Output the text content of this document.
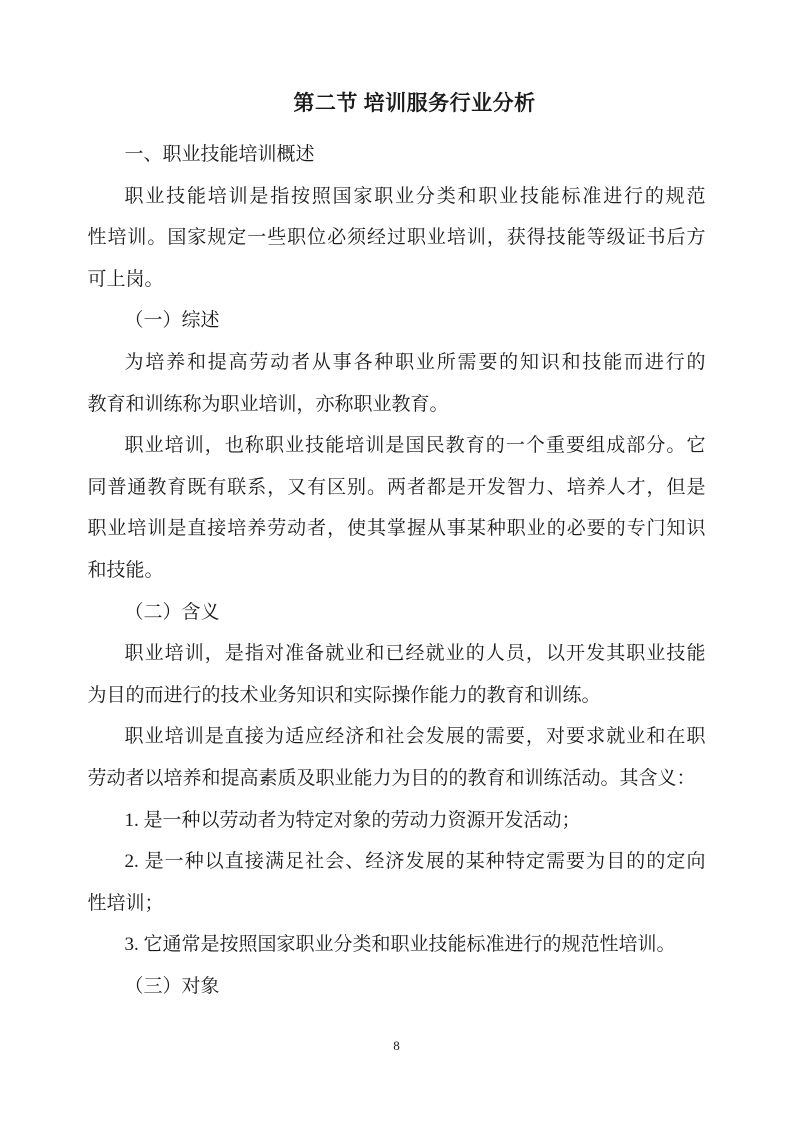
第二节 培训服务行业分析
一、职业技能培训概述
职业技能培训是指按照国家职业分类和职业技能标准进行的规范
性培训。国家规定一些职位必须经过职业培训，获得技能等级证书后方
可上岗。
（一）综述
为培养和提高劳动者从事各种职业所需要的知识和技能而进行的
教育和训练称为职业培训，亦称职业教育。
职业培训，也称职业技能培训是国民教育的一个重要组成部分。它
同普通教育既有联系，又有区别。两者都是开发智力、培养人才，但是
职业培训是直接培养劳动者，使其掌握从事某种职业的必要的专门知识
和技能。
（二）含义
职业培训，是指对准备就业和已经就业的人员，以开发其职业技能
为目的而进行的技术业务知识和实际操作能力的教育和训练。
职业培训是直接为适应经济和社会发展的需要，对要求就业和在职
劳动者以培养和提高素质及职业能力为目的的教育和训练活动。其含义：
1. 是一种以劳动者为特定对象的劳动力资源开发活动；
2. 是一种以直接满足社会、经济发展的某种特定需要为目的的定向
性培训；
3. 它通常是按照国家职业分类和职业技能标准进行的规范性培训。
（三）对象
8
